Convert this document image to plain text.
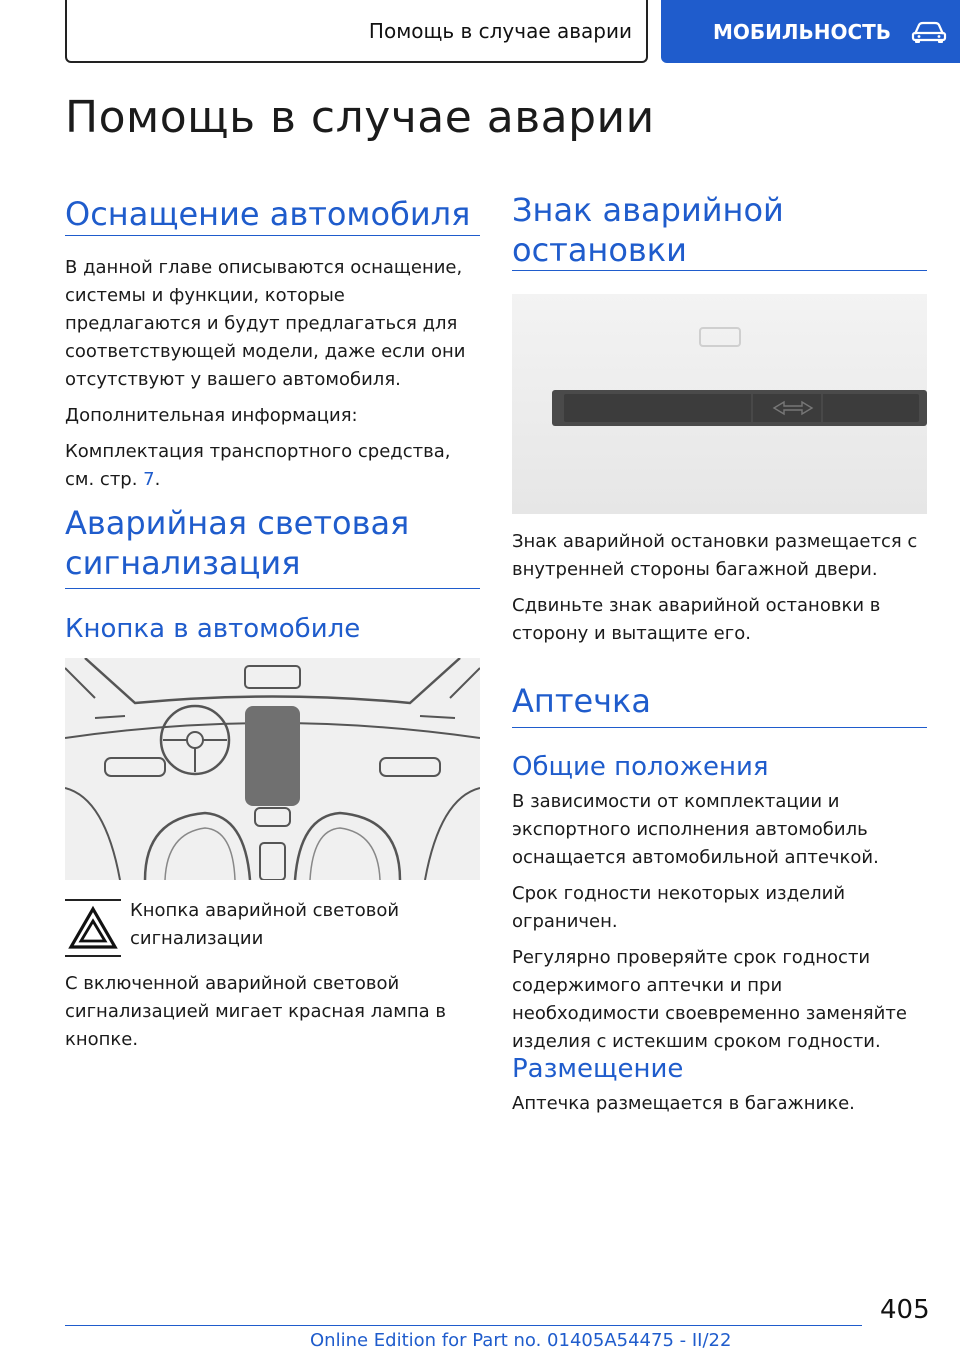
Помощь в случае аварии	МОБИЛЬНОСТЬ
Помощь в случае аварии
Оснащение автомобиля

В данной главе описываются оснащение, системы и функции, которые предлагаются и будут предлагаться для соответствующей модели, даже если они отсутствуют у вашего автомобиля.

Дополнительная информация:

Комплектация транспортного средства, см. стр. 7.

Аварийная световая сигнализация
Кнопка в автомобиле

Кнопка аварийной световой сигнализации

С включенной аварийной световой сигнализацией мигает красная лампа в кнопке.

Знак аварийной остановки

Знак аварийной остановки размещается с внутренней стороны багажной двери.

Сдвиньте знак аварийной остановки в сторону и вытащите его.

Аптечка
Общие положения

В зависимости от комплектации и экспортного исполнения автомобиль оснащается автомобильной аптечкой.

Срок годности некоторых изделий ограничен.

Регулярно проверяйте срок годности содержимого аптечки и при необходимости своевременно заменяйте изделия с истекшим сроком годности.

Размещение

Аптечка размещается в багажнике.

405
Online Edition for Part no. 01405A54475 - II/22
